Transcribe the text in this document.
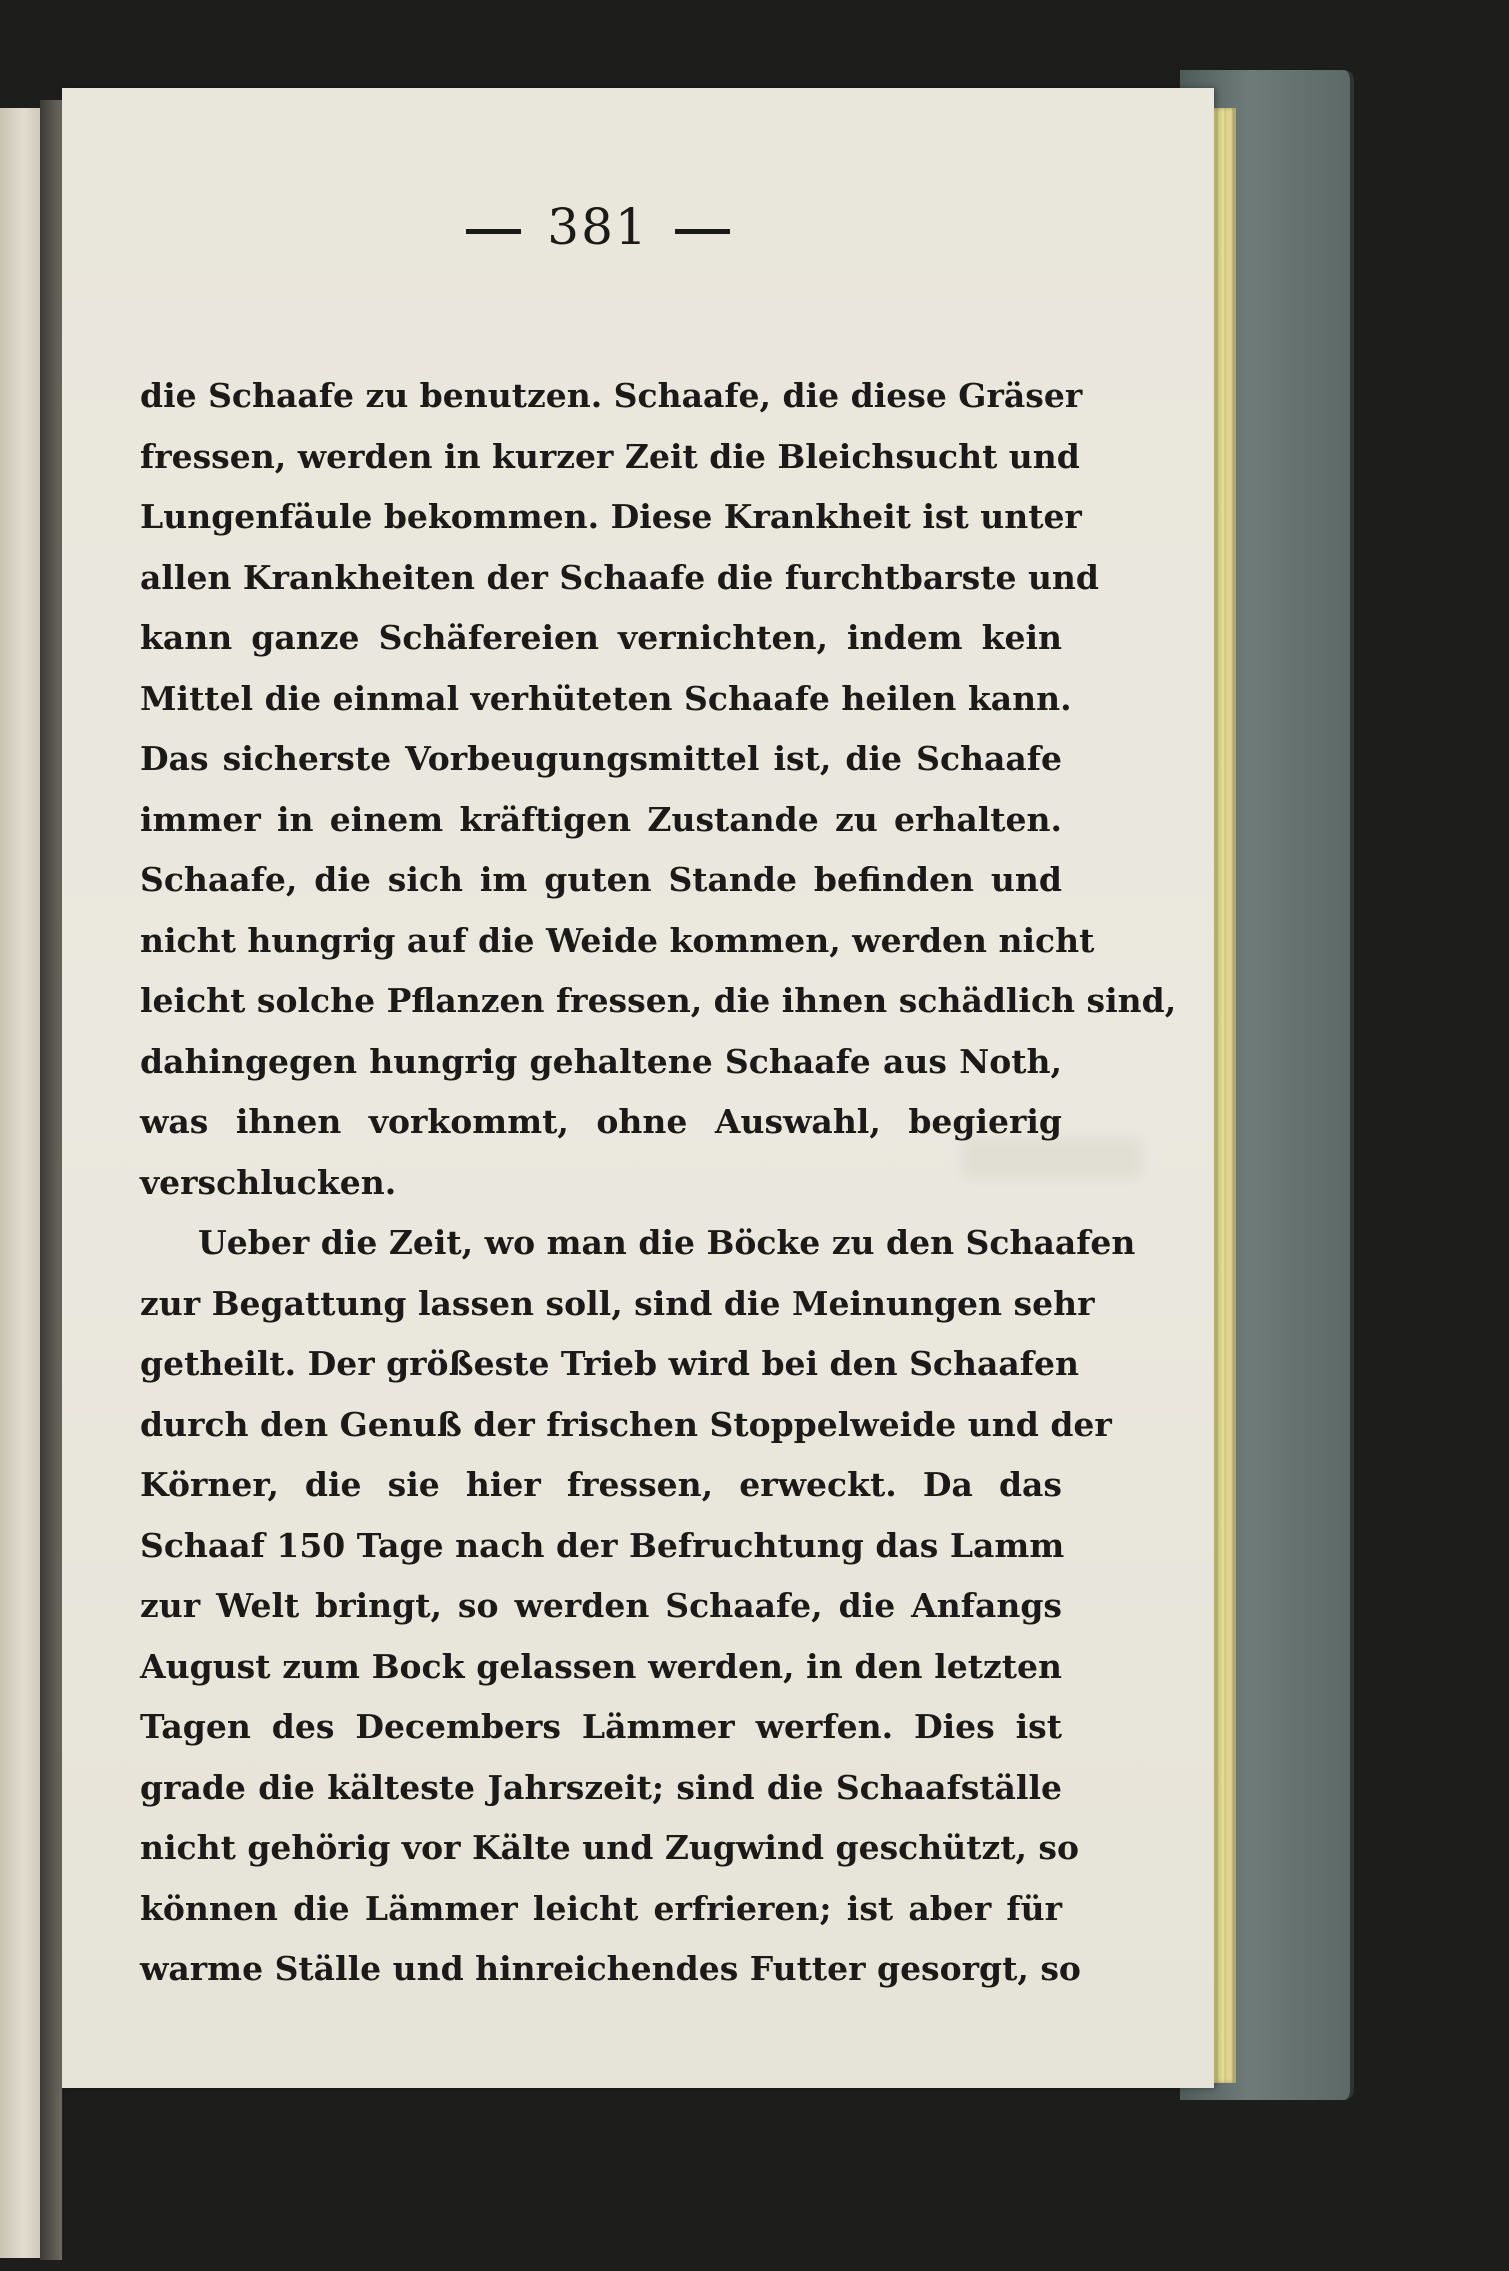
381
die Schaafe zu benutzen. Schaafe, die diese Gräser
fressen, werden in kurzer Zeit die Bleichsucht und
Lungenfäule bekommen. Diese Krankheit ist unter
allen Krankheiten der Schaafe die furchtbarste und
kann ganze Schäfereien vernichten, indem kein
Mittel die einmal verhüteten Schaafe heilen kann.
Das sicherste Vorbeugungsmittel ist, die Schaafe
immer in einem kräftigen Zustande zu erhalten.
Schaafe, die sich im guten Stande befinden und
nicht hungrig auf die Weide kommen, werden nicht
leicht solche Pflanzen fressen, die ihnen schädlich sind,
dahingegen hungrig gehaltene Schaafe aus Noth,
was ihnen vorkommt, ohne Auswahl, begierig
verschlucken.
Ueber die Zeit, wo man die Böcke zu den Schaafen
zur Begattung lassen soll, sind die Meinungen sehr
getheilt. Der größeste Trieb wird bei den Schaafen
durch den Genuß der frischen Stoppelweide und der
Körner, die sie hier fressen, erweckt. Da das
Schaaf 150 Tage nach der Befruchtung das Lamm
zur Welt bringt, so werden Schaafe, die Anfangs
August zum Bock gelassen werden, in den letzten
Tagen des Decembers Lämmer werfen. Dies ist
grade die kälteste Jahrszeit; sind die Schaafställe
nicht gehörig vor Kälte und Zugwind geschützt, so
können die Lämmer leicht erfrieren; ist aber für
warme Ställe und hinreichendes Futter gesorgt, so
